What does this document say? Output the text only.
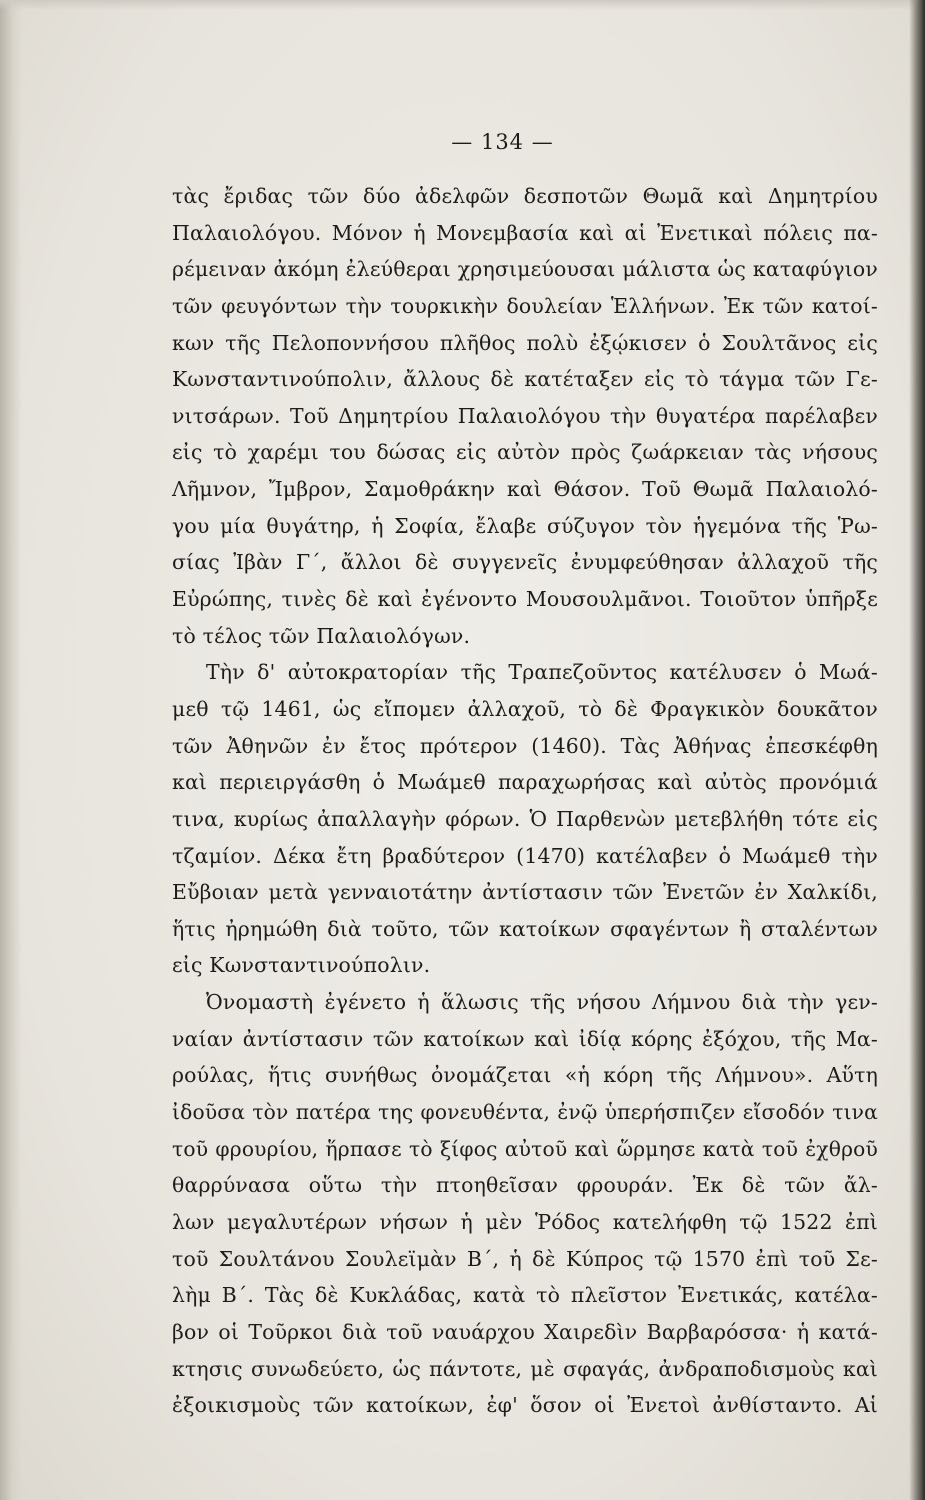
— 134 —
τὰς ἔριδας τῶν δύο ἀδελφῶν δεσποτῶν Θωμᾶ καὶ Δημητρίου
Παλαιολόγου. Μόνον ἡ Μονεμβασία καὶ αἱ Ἐνετικαὶ πόλεις πα-
ρέμειναν ἀκόμη ἐλεύθεραι χρησιμεύουσαι μάλιστα ὡς καταφύγιον
τῶν φευγόντων τὴν τουρκικὴν δουλείαν Ἑλλήνων. Ἐκ τῶν κατοί-
κων τῆς Πελοποννήσου πλῆθος πολὺ ἐξῴκισεν ὁ Σουλτᾶνος εἰς
Κωνσταντινούπολιν, ἄλλους δὲ κατέταξεν εἰς τὸ τάγμα τῶν Γε-
νιτσάρων. Τοῦ Δημητρίου Παλαιολόγου τὴν θυγατέρα παρέλαβεν
εἰς τὸ χαρέμι του δώσας εἰς αὐτὸν πρὸς ζωάρκειαν τὰς νήσους
Λῆμνον, Ἴμβρον, Σαμοθράκην καὶ Θάσον. Τοῦ Θωμᾶ Παλαιολό-
γου μία θυγάτηρ, ἡ Σοφία, ἔλαβε σύζυγον τὸν ἡγεμόνα τῆς Ῥω-
σίας Ἰβὰν Γ΄, ἄλλοι δὲ συγγενεῖς ἐνυμφεύθησαν ἀλλαχοῦ τῆς
Εὐρώπης, τινὲς δὲ καὶ ἐγένοντο Μουσουλμᾶνοι. Τοιοῦτον ὑπῆρξε
τὸ τέλος τῶν Παλαιολόγων.
Τὴν δ' αὐτοκρατορίαν τῆς Τραπεζοῦντος κατέλυσεν ὁ Μωά-
μεθ τῷ 1461, ὡς εἴπομεν ἀλλαχοῦ, τὸ δὲ Φραγκικὸν δουκᾶτον
τῶν Ἀθηνῶν ἐν ἔτος πρότερον (1460). Τὰς Ἀθήνας ἐπεσκέφθη
καὶ περιειργάσθη ὁ Μωάμεθ παραχωρήσας καὶ αὐτὸς προνόμιά
τινα, κυρίως ἀπαλλαγὴν φόρων. Ὁ Παρθενὼν μετεβλήθη τότε εἰς
τζαμίον. Δέκα ἔτη βραδύτερον (1470) κατέλαβεν ὁ Μωάμεθ τὴν
Εὔβοιαν μετὰ γενναιοτάτην ἀντίστασιν τῶν Ἐνετῶν ἐν Χαλκίδι,
ἥτις ἠρημώθη διὰ τοῦτο, τῶν κατοίκων σφαγέντων ἢ σταλέντων
εἰς Κωνσταντινούπολιν.
Ὀνομαστὴ ἐγένετο ἡ ἅλωσις τῆς νήσου Λήμνου διὰ τὴν γεν-
ναίαν ἀντίστασιν τῶν κατοίκων καὶ ἰδίᾳ κόρης ἐξόχου, τῆς Μα-
ρούλας, ἥτις συνήθως ὀνομάζεται «ἡ κόρη τῆς Λήμνου». Αὕτη
ἰδοῦσα τὸν πατέρα της φονευθέντα, ἐνῷ ὑπερήσπιζεν εἴσοδόν τινα
τοῦ φρουρίου, ἥρπασε τὸ ξίφος αὐτοῦ καὶ ὥρμησε κατὰ τοῦ ἐχθροῦ
θαρρύνασα οὕτω τὴν πτοηθεῖσαν φρουράν. Ἐκ δὲ τῶν ἄλ-
λων μεγαλυτέρων νήσων ἡ μὲν Ῥόδος κατελήφθη τῷ 1522 ἐπὶ
τοῦ Σουλτάνου Σουλεϊμὰν Β΄, ἡ δὲ Κύπρος τῷ 1570 ἐπὶ τοῦ Σε-
λὴμ Β΄. Τὰς δὲ Κυκλάδας, κατὰ τὸ πλεῖστον Ἐνετικάς, κατέλα-
βον οἱ Τοῦρκοι διὰ τοῦ ναυάρχου Χαιρεδὶν Βαρβαρόσσα· ἡ κατά-
κτησις συνωδεύετο, ὡς πάντοτε, μὲ σφαγάς, ἀνδραποδισμοὺς καὶ
ἐξοικισμοὺς τῶν κατοίκων, ἐφ' ὅσον οἱ Ἐνετοὶ ἀνθίσταντο. Αἱ
